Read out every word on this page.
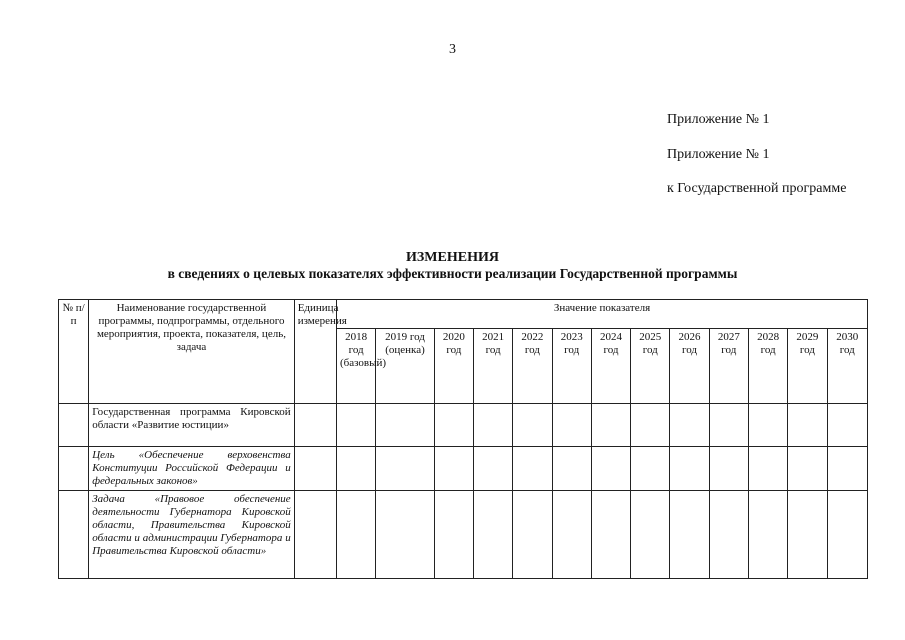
3
Приложение № 1
Приложение № 1
к Государственной программе
ИЗМЕНЕНИЯ
в сведениях о целевых показателях эффективности реализации Государственной программы
№ п/п	Наименование государственной программы, подпрограммы, отдельного мероприятия, проекта, показателя, цель, задача	Единица измерения	Значение показателя												
			2018 год (базовый)	2019 год (оценка)	2020 год	2021 год	2022 год	2023 год	2024 год	2025 год	2026 год	2027 год	2028 год	2029 год	2030 год
	Государственная программа Кировской области «Развитие юстиции»														
	Цель «Обеспечение верховенства Конституции Российской Федерации и федеральных законов»														
	Задача «Правовое обеспечение деятельности Губернатора Кировской области, Правительства Кировской области и администрации Губернатора и Правительства Кировской области»														
